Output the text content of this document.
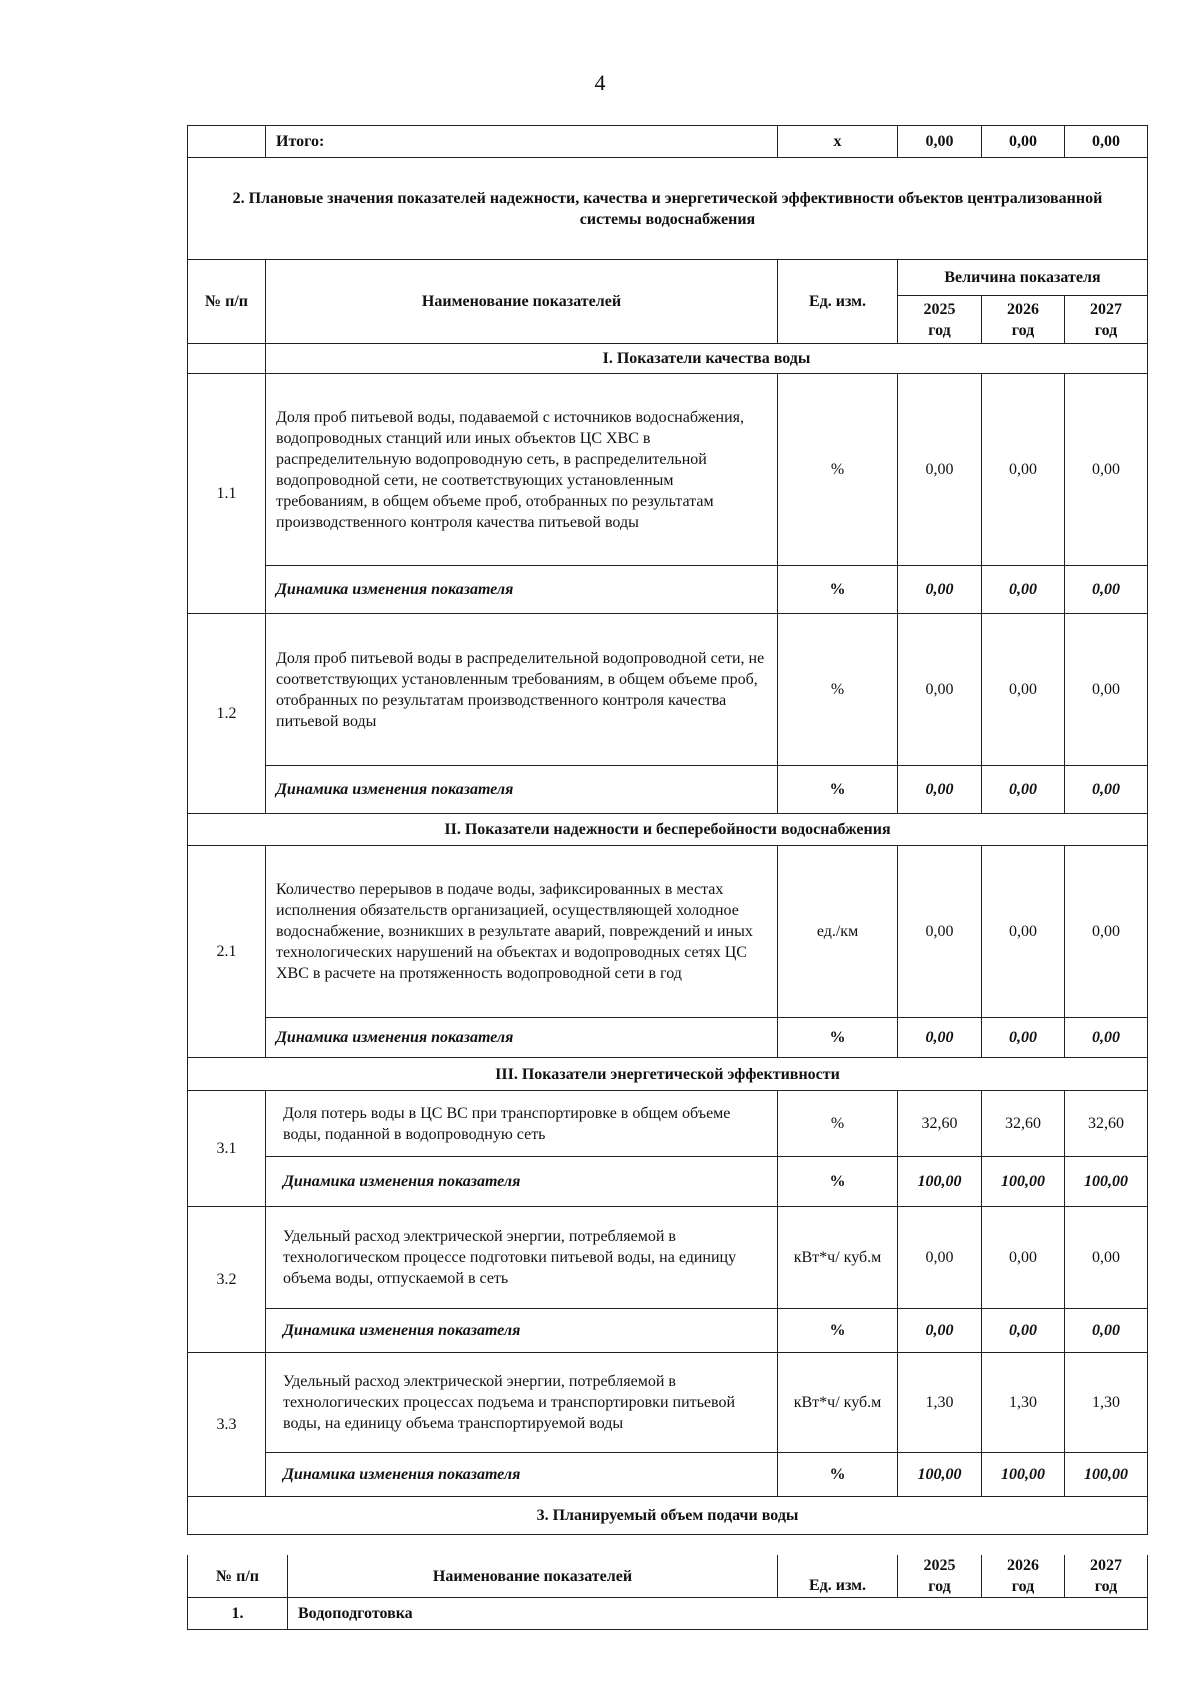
4
	Итого:	х	0,00	0,00	0,00
2. Плановые значения показателей надежности, качества и энергетической эффективности объектов централизованной системы водоснабжения					
№ п/п	Наименование показателей	Ед. изм.	Величина показателя		
			2025 год	2026 год	2027 год
	I. Показатели качества воды				
1.1	Доля проб питьевой воды, подаваемой с источников водоснабжения, водопроводных станций или иных объектов ЦС ХВС в распределительную водопроводную сеть, в распределительной водопроводной сети, не соответствующих установленным требованиям, в общем объеме проб, отобранных по результатам производственного контроля качества питьевой воды	%	0,00	0,00	0,00
	Динамика изменения показателя	%	0,00	0,00	0,00
1.2	Доля проб питьевой воды в распределительной водопроводной сети, не соответствующих установленным требованиям, в общем объеме проб, отобранных по результатам производственного контроля качества питьевой воды	%	0,00	0,00	0,00
	Динамика изменения показателя	%	0,00	0,00	0,00
II. Показатели надежности и бесперебойности водоснабжения					
2.1	Количество перерывов в подаче воды, зафиксированных в местах исполнения обязательств организацией, осуществляющей холодное водоснабжение, возникших в результате аварий, повреждений и иных технологических нарушений на объектах и водопроводных сетях ЦС ХВС в расчете на протяженность водопроводной сети в год	ед./км	0,00	0,00	0,00
	Динамика изменения показателя	%	0,00	0,00	0,00
III. Показатели энергетической эффективности					
3.1	Доля потерь воды в ЦС ВС при транспортировке в общем объеме воды, поданной в водопроводную сеть	%	32,60	32,60	32,60
	Динамика изменения показателя	%	100,00	100,00	100,00
3.2	Удельный расход электрической энергии, потребляемой в технологическом процессе подготовки питьевой воды, на единицу объема воды, отпускаемой в сеть	кВт*ч/ куб.м	0,00	0,00	0,00
	Динамика изменения показателя	%	0,00	0,00	0,00
3.3	Удельный расход электрической энергии, потребляемой в технологических процессах подъема и транспортировки питьевой воды, на единицу объема транспортируемой воды	кВт*ч/ куб.м	1,30	1,30	1,30
	Динамика изменения показателя	%	100,00	100,00	100,00
3. Планируемый объем подачи воды					
№ п/п	Наименование показателей	Ед. изм.	2025 год	2026 год	2027 год
1.	Водоподготовка				
